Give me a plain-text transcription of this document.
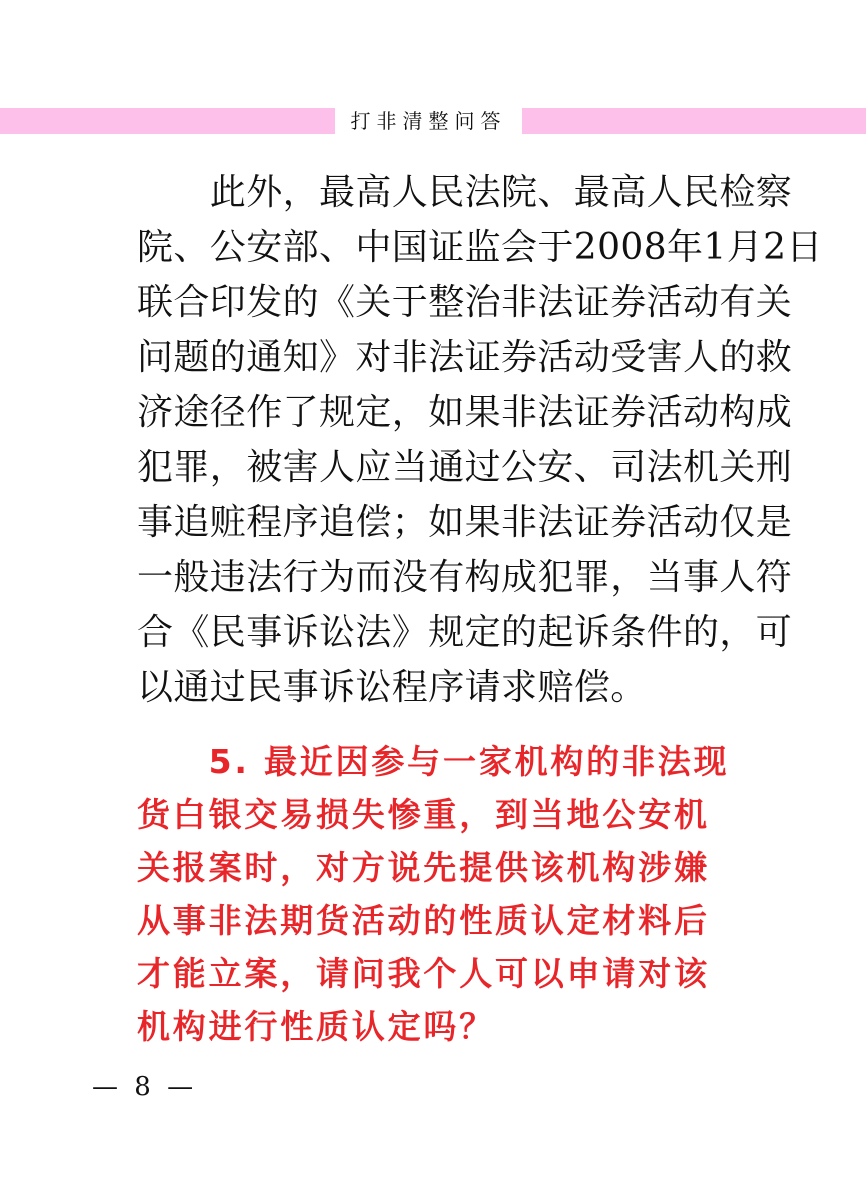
打非清整问答
　　此外，最高人民法院、最高人民检察
院、公安部、中国证监会于2008年1月2日
联合印发的《关于整治非法证券活动有关
问题的通知》对非法证券活动受害人的救
济途径作了规定，如果非法证券活动构成
犯罪，被害人应当通过公安、司法机关刑
事追赃程序追偿；如果非法证券活动仅是
一般违法行为而没有构成犯罪，当事人符
合《民事诉讼法》规定的起诉条件的，可
以通过民事诉讼程序请求赔偿。
　　5. 最近因参与一家机构的非法现
货白银交易损失惨重，到当地公安机
关报案时，对方说先提供该机构涉嫌
从事非法期货活动的性质认定材料后
才能立案，请问我个人可以申请对该
机构进行性质认定吗？
— 8 —
